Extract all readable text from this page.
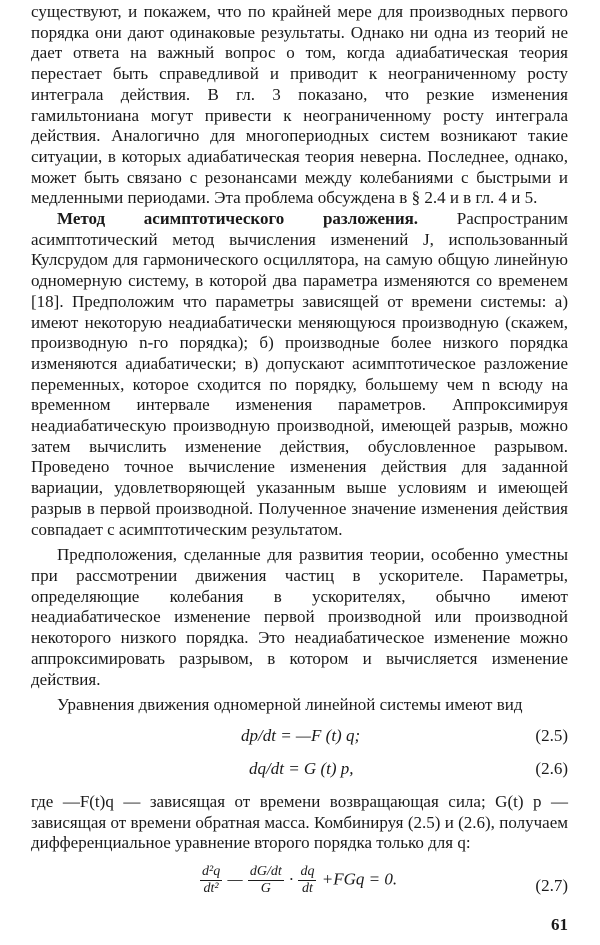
существуют, и покажем, что по крайней мере для производных первого порядка они дают одинаковые результаты. Однако ни одна из теорий не дает ответа на важный вопрос о том, когда адиабатическая теория перестает быть справедливой и приводит к неограниченному росту интеграла действия. В гл. 3 показано, что резкие изменения гамильтониана могут привести к неограниченному росту интеграла действия. Аналогично для многопериодных систем возникают такие ситуации, в которых адиабатическая теория неверна. Последнее, однако, может быть связано с резонансами между колебаниями с быстрыми и медленными периодами. Эта проблема обсуждена в § 2.4 и в гл. 4 и 5.

Метод асимптотического разложения. Распространим асимптотический метод вычисления изменений J, использованный Кулсрудом для гармонического осциллятора, на самую общую линейную одномерную систему, в которой два параметра изменяются со временем [18]. Предположим что параметры зависящей от времени системы: а) имеют некоторую неадиабатически меняющуюся производную (скажем, производную n-го порядка); б) производные более низкого порядка изменяются адиабатически; в) допускают асимптотическое разложение переменных, которое сходится по порядку, большему чем n всюду на временном интервале изменения параметров. Аппроксимируя неадиабатическую производную производной, имеющей разрыв, можно затем вычислить изменение действия, обусловленное разрывом. Проведено точное вычисление изменения действия для заданной вариации, удовлетворяющей указанным выше условиям и имеющей разрыв в первой производной. Полученное значение изменения действия совпадает с асимптотическим результатом.

Предположения, сделанные для развития теории, особенно уместны при рассмотрении движения частиц в ускорителе. Параметры, определяющие колебания в ускорителях, обычно имеют неадиабатическое изменение первой производной или производной некоторого низкого порядка. Это неадиабатическое изменение можно аппроксимировать разрывом, в котором и вычисляется изменение действия.

Уравнения движения одномерной линейной системы имеют вид

dp/dt = —F (t) q;	(2.5)
dq/dt = G (t) p,	(2.6)

где —F(t)q — зависящая от времени возвращающая сила; G(t) p — зависящая от времени обратная масса. Комбинируя (2.5) и (2.6), получаем дифференциальное уравнение второго порядка только для q:

$\frac{\text{d²q}}{\text{dt²}}$ — $\frac{dG/dt}{G} \cdot \frac{dq}{dt} +FGq = 0$.	(2.7)
61
